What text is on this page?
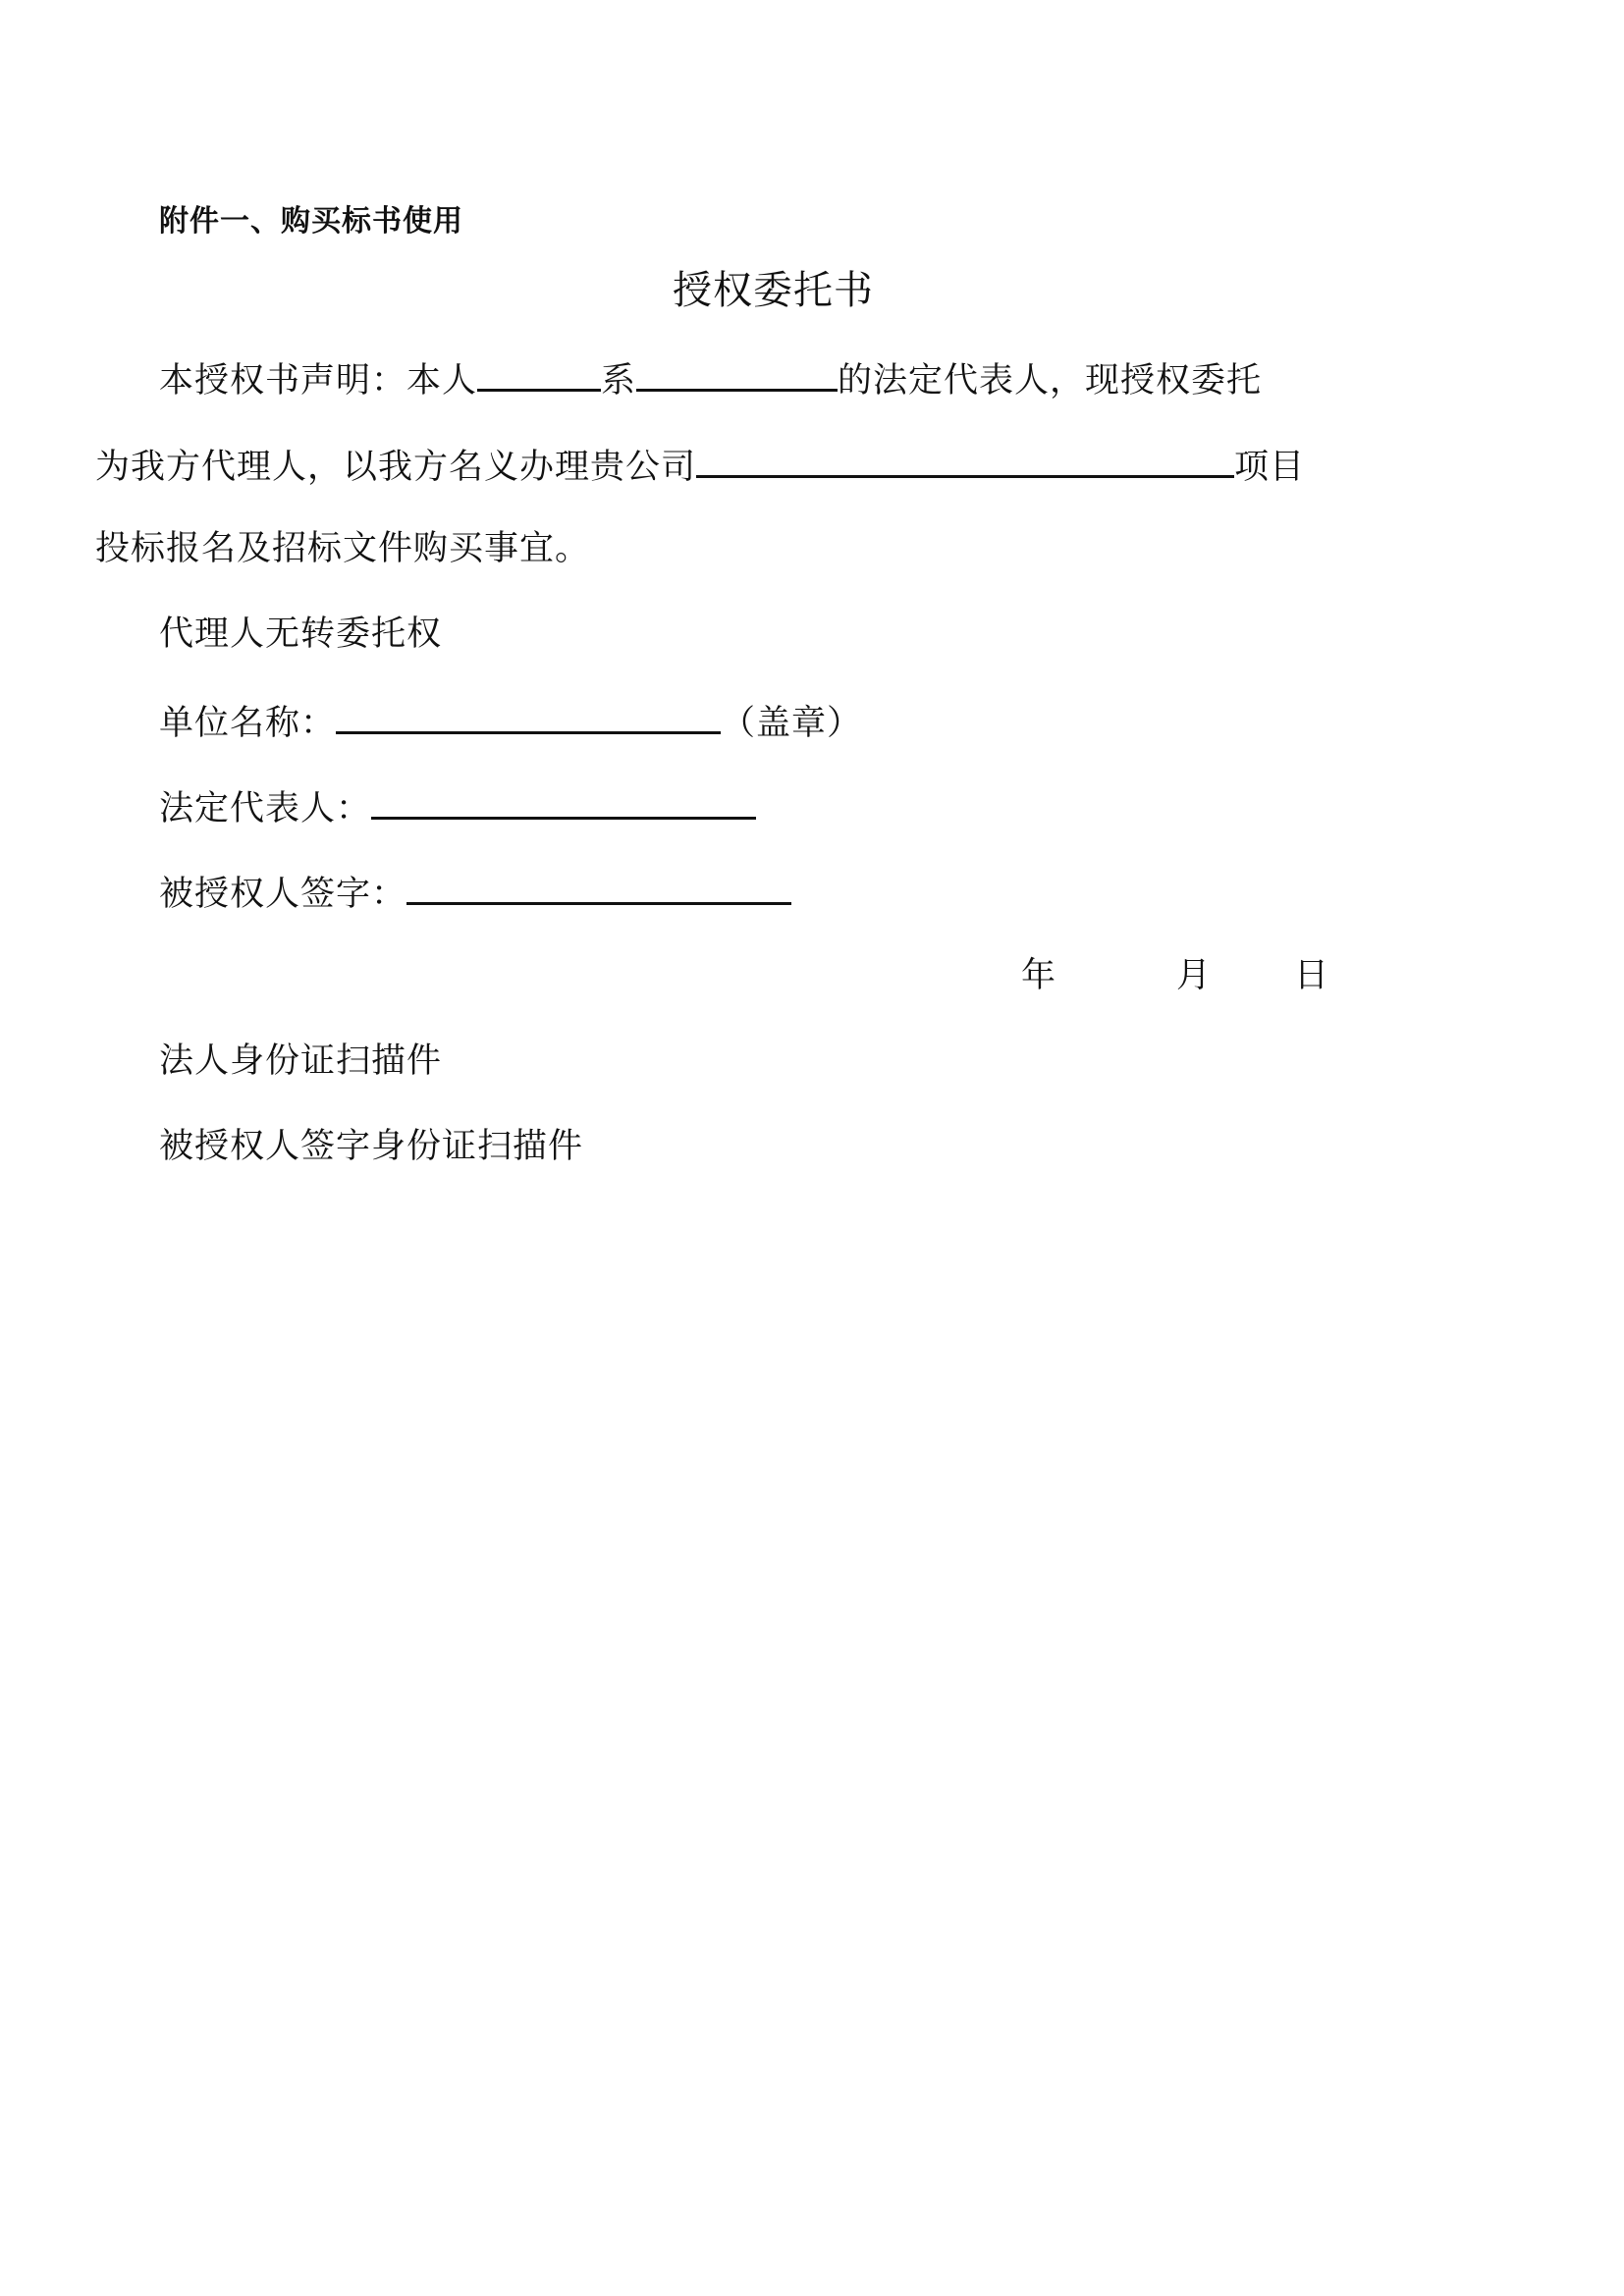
附件一、购买标书使用
授权委托书
本授权书声明：本人	系	的法定代表人，现授权委托
为我方代理人，以我方名义办理贵公司	项目
投标报名及招标文件购买事宜。
代理人无转委托权
单位名称：	（盖章）
法定代表人：
被授权人签字：
年	月 日
法人身份证扫描件
被授权人签字身份证扫描件
